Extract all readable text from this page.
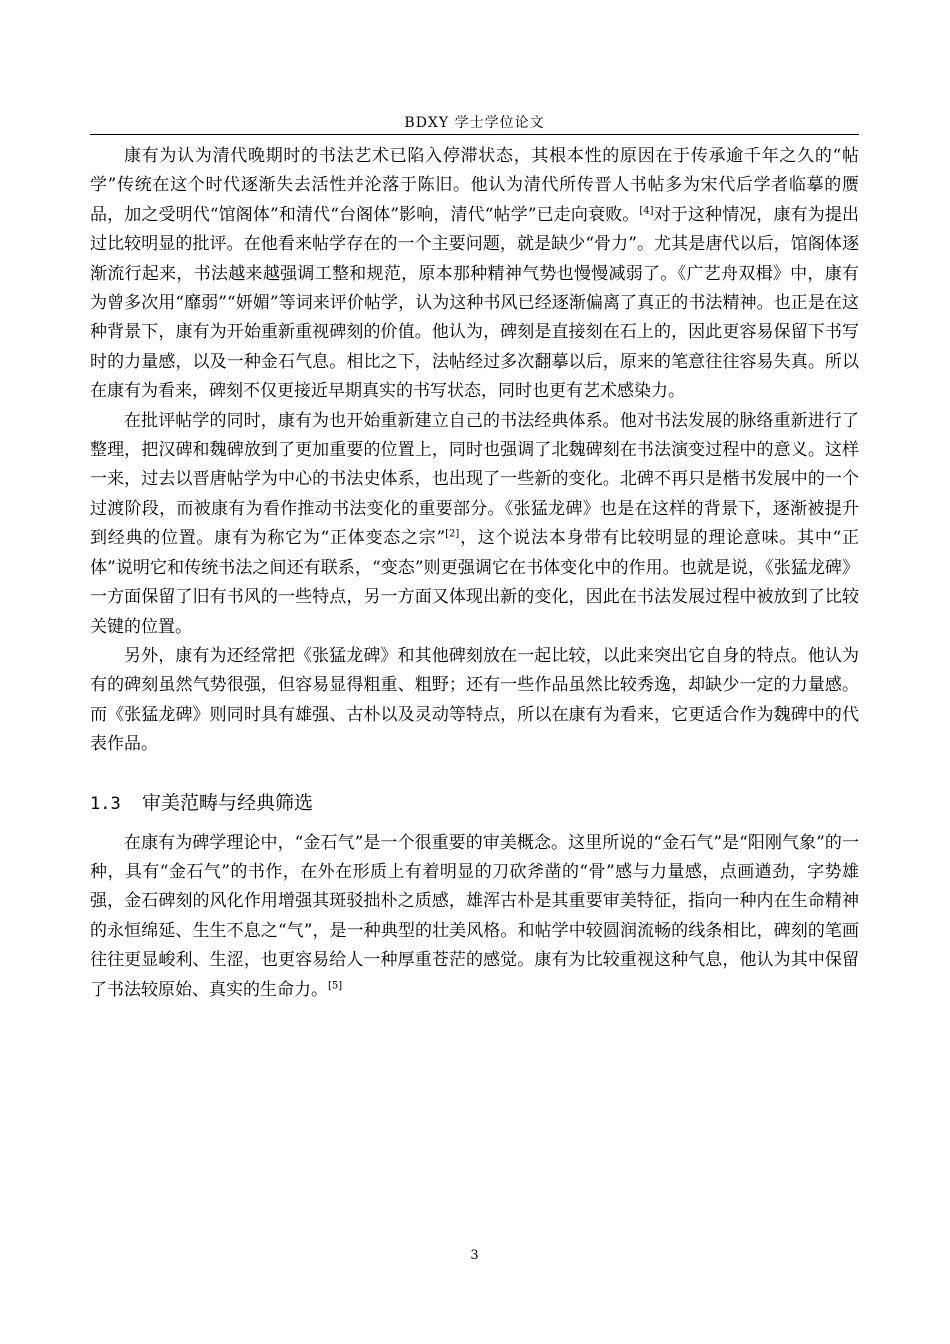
BDXY 学士学位论文

康有为认为清代晚期时的书法艺术已陷入停滞状态，其根本性的原因在于传承逾千年之久的“帖学”传统在这个时代逐渐失去活性并沦落于陈旧。他认为清代所传晋人书帖多为宋代后学者临摹的赝品，加之受明代“馆阁体”和清代“台阁体”影响，清代“帖学”已走向衰败。[4]对于这种情况，康有为提出过比较明显的批评。在他看来帖学存在的一个主要问题，就是缺少“骨力”。尤其是唐代以后，馆阁体逐渐流行起来，书法越来越强调工整和规范，原本那种精神气势也慢慢减弱了。《广艺舟双楫》中，康有为曾多次用“靡弱”“妍媚”等词来评价帖学，认为这种书风已经逐渐偏离了真正的书法精神。也正是在这种背景下，康有为开始重新重视碑刻的价值。他认为，碑刻是直接刻在石上的，因此更容易保留下书写时的力量感，以及一种金石气息。相比之下，法帖经过多次翻摹以后，原来的笔意往往容易失真。所以在康有为看来，碑刻不仅更接近早期真实的书写状态，同时也更有艺术感染力。

在批评帖学的同时，康有为也开始重新建立自己的书法经典体系。他对书法发展的脉络重新进行了整理，把汉碑和魏碑放到了更加重要的位置上，同时也强调了北魏碑刻在书法演变过程中的意义。这样一来，过去以晋唐帖学为中心的书法史体系，也出现了一些新的变化。北碑不再只是楷书发展中的一个过渡阶段，而被康有为看作推动书法变化的重要部分。《张猛龙碑》也是在这样的背景下，逐渐被提升到经典的位置。康有为称它为“正体变态之宗”[2]，这个说法本身带有比较明显的理论意味。其中“正体”说明它和传统书法之间还有联系，“变态”则更强调它在书体变化中的作用。也就是说，《张猛龙碑》一方面保留了旧有书风的一些特点，另一方面又体现出新的变化，因此在书法发展过程中被放到了比较关键的位置。

另外，康有为还经常把《张猛龙碑》和其他碑刻放在一起比较，以此来突出它自身的特点。他认为有的碑刻虽然气势很强，但容易显得粗重、粗野；还有一些作品虽然比较秀逸，却缺少一定的力量感。而《张猛龙碑》则同时具有雄强、古朴以及灵动等特点，所以在康有为看来，它更适合作为魏碑中的代表作品。

1.3 审美范畴与经典筛选

在康有为碑学理论中，“金石气”是一个很重要的审美概念。这里所说的“金石气”是“阳刚气象”的一种，具有“金石气”的书作，在外在形质上有着明显的刀砍斧凿的“骨”感与力量感，点画遒劲，字势雄强，金石碑刻的风化作用增强其斑驳拙朴之质感，雄浑古朴是其重要审美特征，指向一种内在生命精神的永恒绵延、生生不息之“气”，是一种典型的壮美风格。和帖学中较圆润流畅的线条相比，碑刻的笔画往往更显峻利、生涩，也更容易给人一种厚重苍茫的感觉。康有为比较重视这种气息，他认为其中保留了书法较原始、真实的生命力。[5]

3
